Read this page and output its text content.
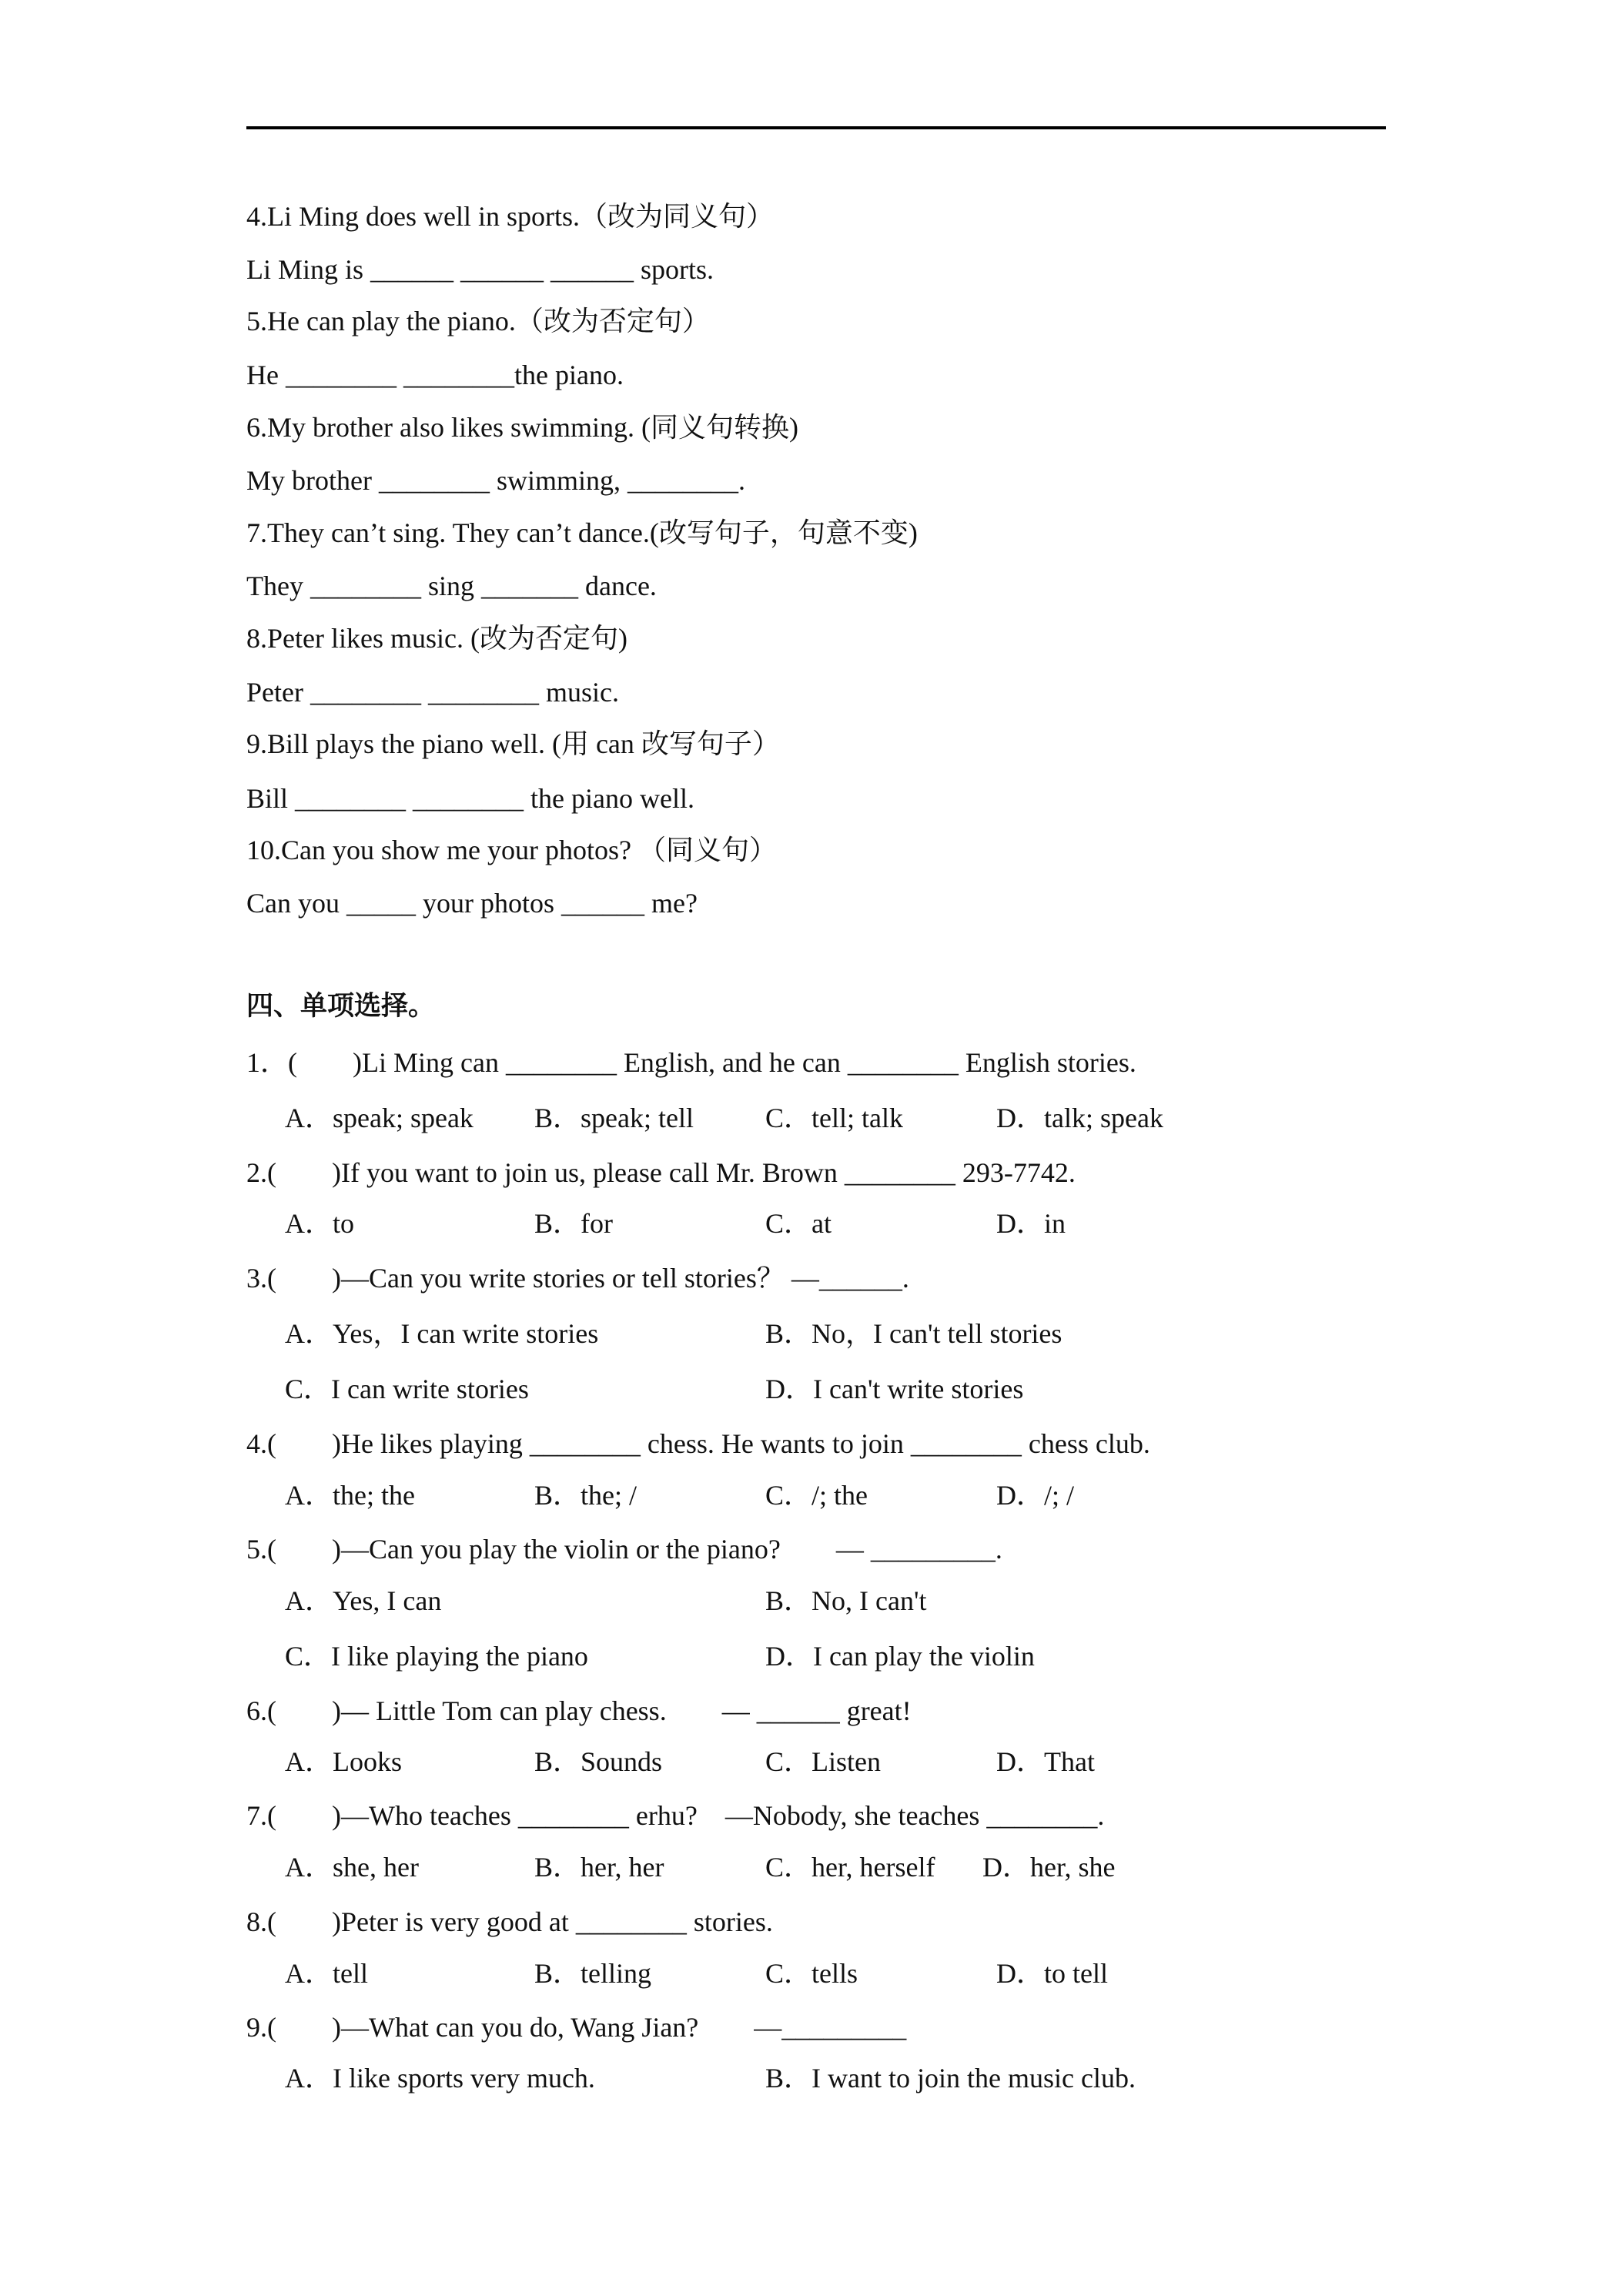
4.Li Ming does well in sports.（改为同义句）
Li Ming is ______ ______ ______ sports.
5.He can play the piano.（改为否定句）
He ________ ________the piano.
6.My brother also likes swimming. (同义句转换)
My brother ________ swimming, ________.
7.They can’t sing. They can’t dance.(改写句子，句意不变)
They ________ sing _______ dance.
8.Peter likes music. (改为否定句)
Peter ________ ________ music.
9.Bill plays the piano well. (用 can 改写句子）
Bill ________ ________ the piano well.
10.Can you show me your photos? （同义句）
Can you _____ your photos ______ me?
四、单项选择。
1．(　　)Li Ming can ________ English, and he can ________ English stories.
A．speak; speak B．speak; tell	C．tell; talk	D．talk; speak
2.(　　)If you want to join us, please call Mr. Brown ________ 293-7742.
A．to	B．for	C．at	D．in
3.(　　)—Can you write stories or tell stories？ —______.
A．Yes，I can write stories	B．No，I can't tell stories
C．I can write stories	D．I can't write stories
4.(　　)He likes playing ________ chess. He wants to join ________ chess club.
A．the; the	B．the; /	C．/; the	D．/; /
5.(　　)—Can you play the violin or the piano?　　— _________.
A．Yes, I can	B．No, I can't
C．I like playing the piano	D．I can play the violin
6.(　　)— Little Tom can play chess.　　— ______ great!
A．Looks	B．Sounds	C．Listen	D．That
7.(　　)—Who teaches ________ erhu?　—Nobody, she teaches ________.
A．she, her	B．her, her	C．her, herself D．her, she
8.(　　)Peter is very good at ________ stories.
A．tell	B．telling	C．tells	D．to tell
9.(　　)—What can you do, Wang Jian?　　—_________
A．I like sports very much.	B．I want to join the music club.
